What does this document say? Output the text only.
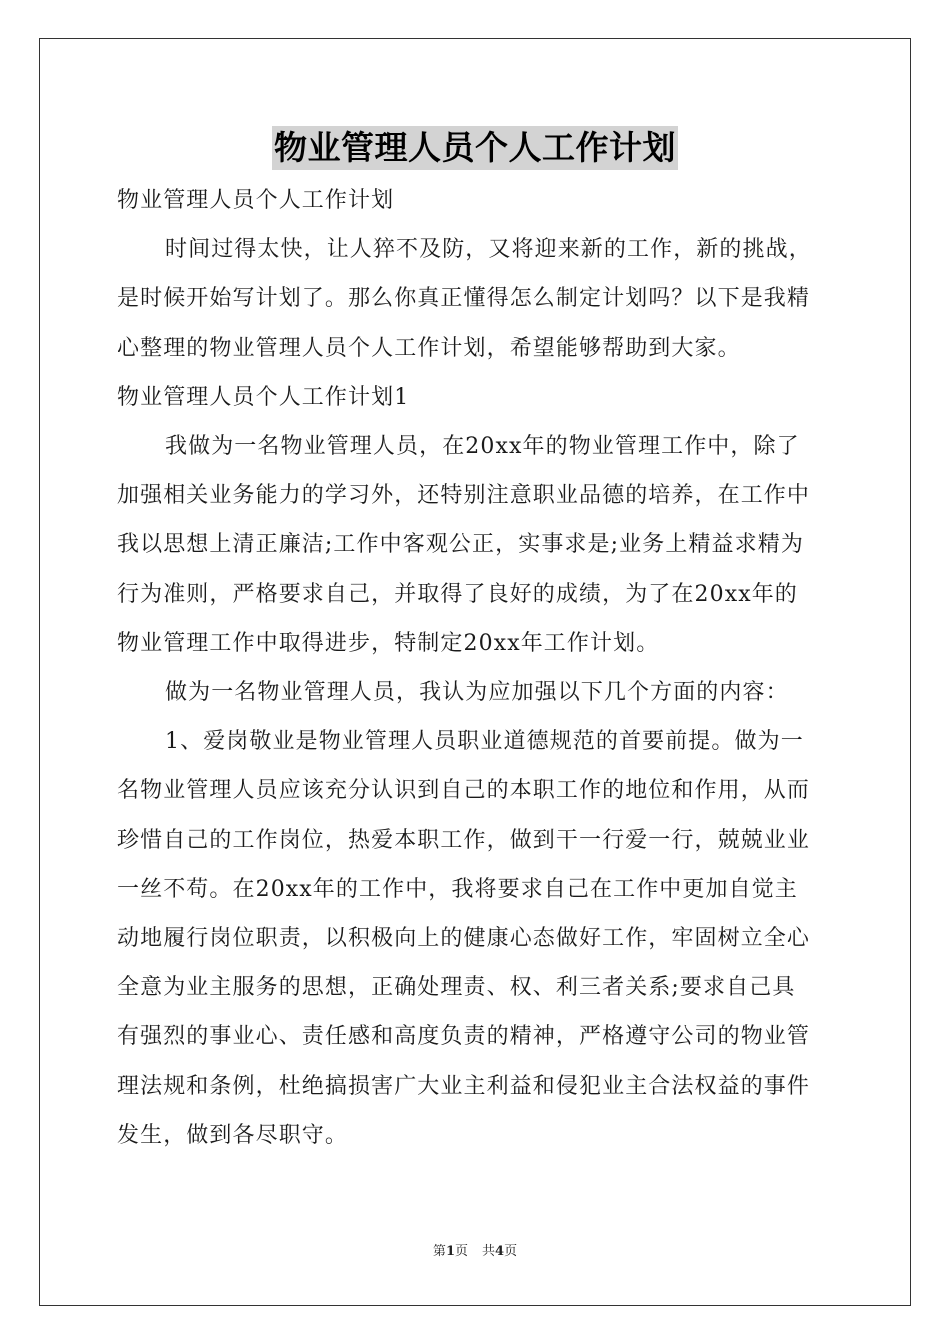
物业管理人员个人工作计划
物业管理人员个人工作计划
时间过得太快，让人猝不及防，又将迎来新的工作，新的挑战，
是时候开始写计划了。那么你真正懂得怎么制定计划吗？以下是我精
心整理的物业管理人员个人工作计划，希望能够帮助到大家。
物业管理人员个人工作计划1
我做为一名物业管理人员，在20xx年的物业管理工作中，除了
加强相关业务能力的学习外，还特别注意职业品德的培养，在工作中
我以思想上清正廉洁;工作中客观公正，实事求是;业务上精益求精为
行为准则，严格要求自己，并取得了良好的成绩，为了在20xx年的
物业管理工作中取得进步，特制定20xx年工作计划。
做为一名物业管理人员，我认为应加强以下几个方面的内容：
1、爱岗敬业是物业管理人员职业道德规范的首要前提。做为一
名物业管理人员应该充分认识到自己的本职工作的地位和作用，从而
珍惜自己的工作岗位，热爱本职工作，做到干一行爱一行，兢兢业业
一丝不苟。在20xx年的工作中，我将要求自己在工作中更加自觉主
动地履行岗位职责，以积极向上的健康心态做好工作，牢固树立全心
全意为业主服务的思想，正确处理责、权、利三者关系;要求自己具
有强烈的事业心、责任感和高度负责的精神，严格遵守公司的物业管
理法规和条例，杜绝搞损害广大业主利益和侵犯业主合法权益的事件
发生，做到各尽职守。
第1页 共4页
